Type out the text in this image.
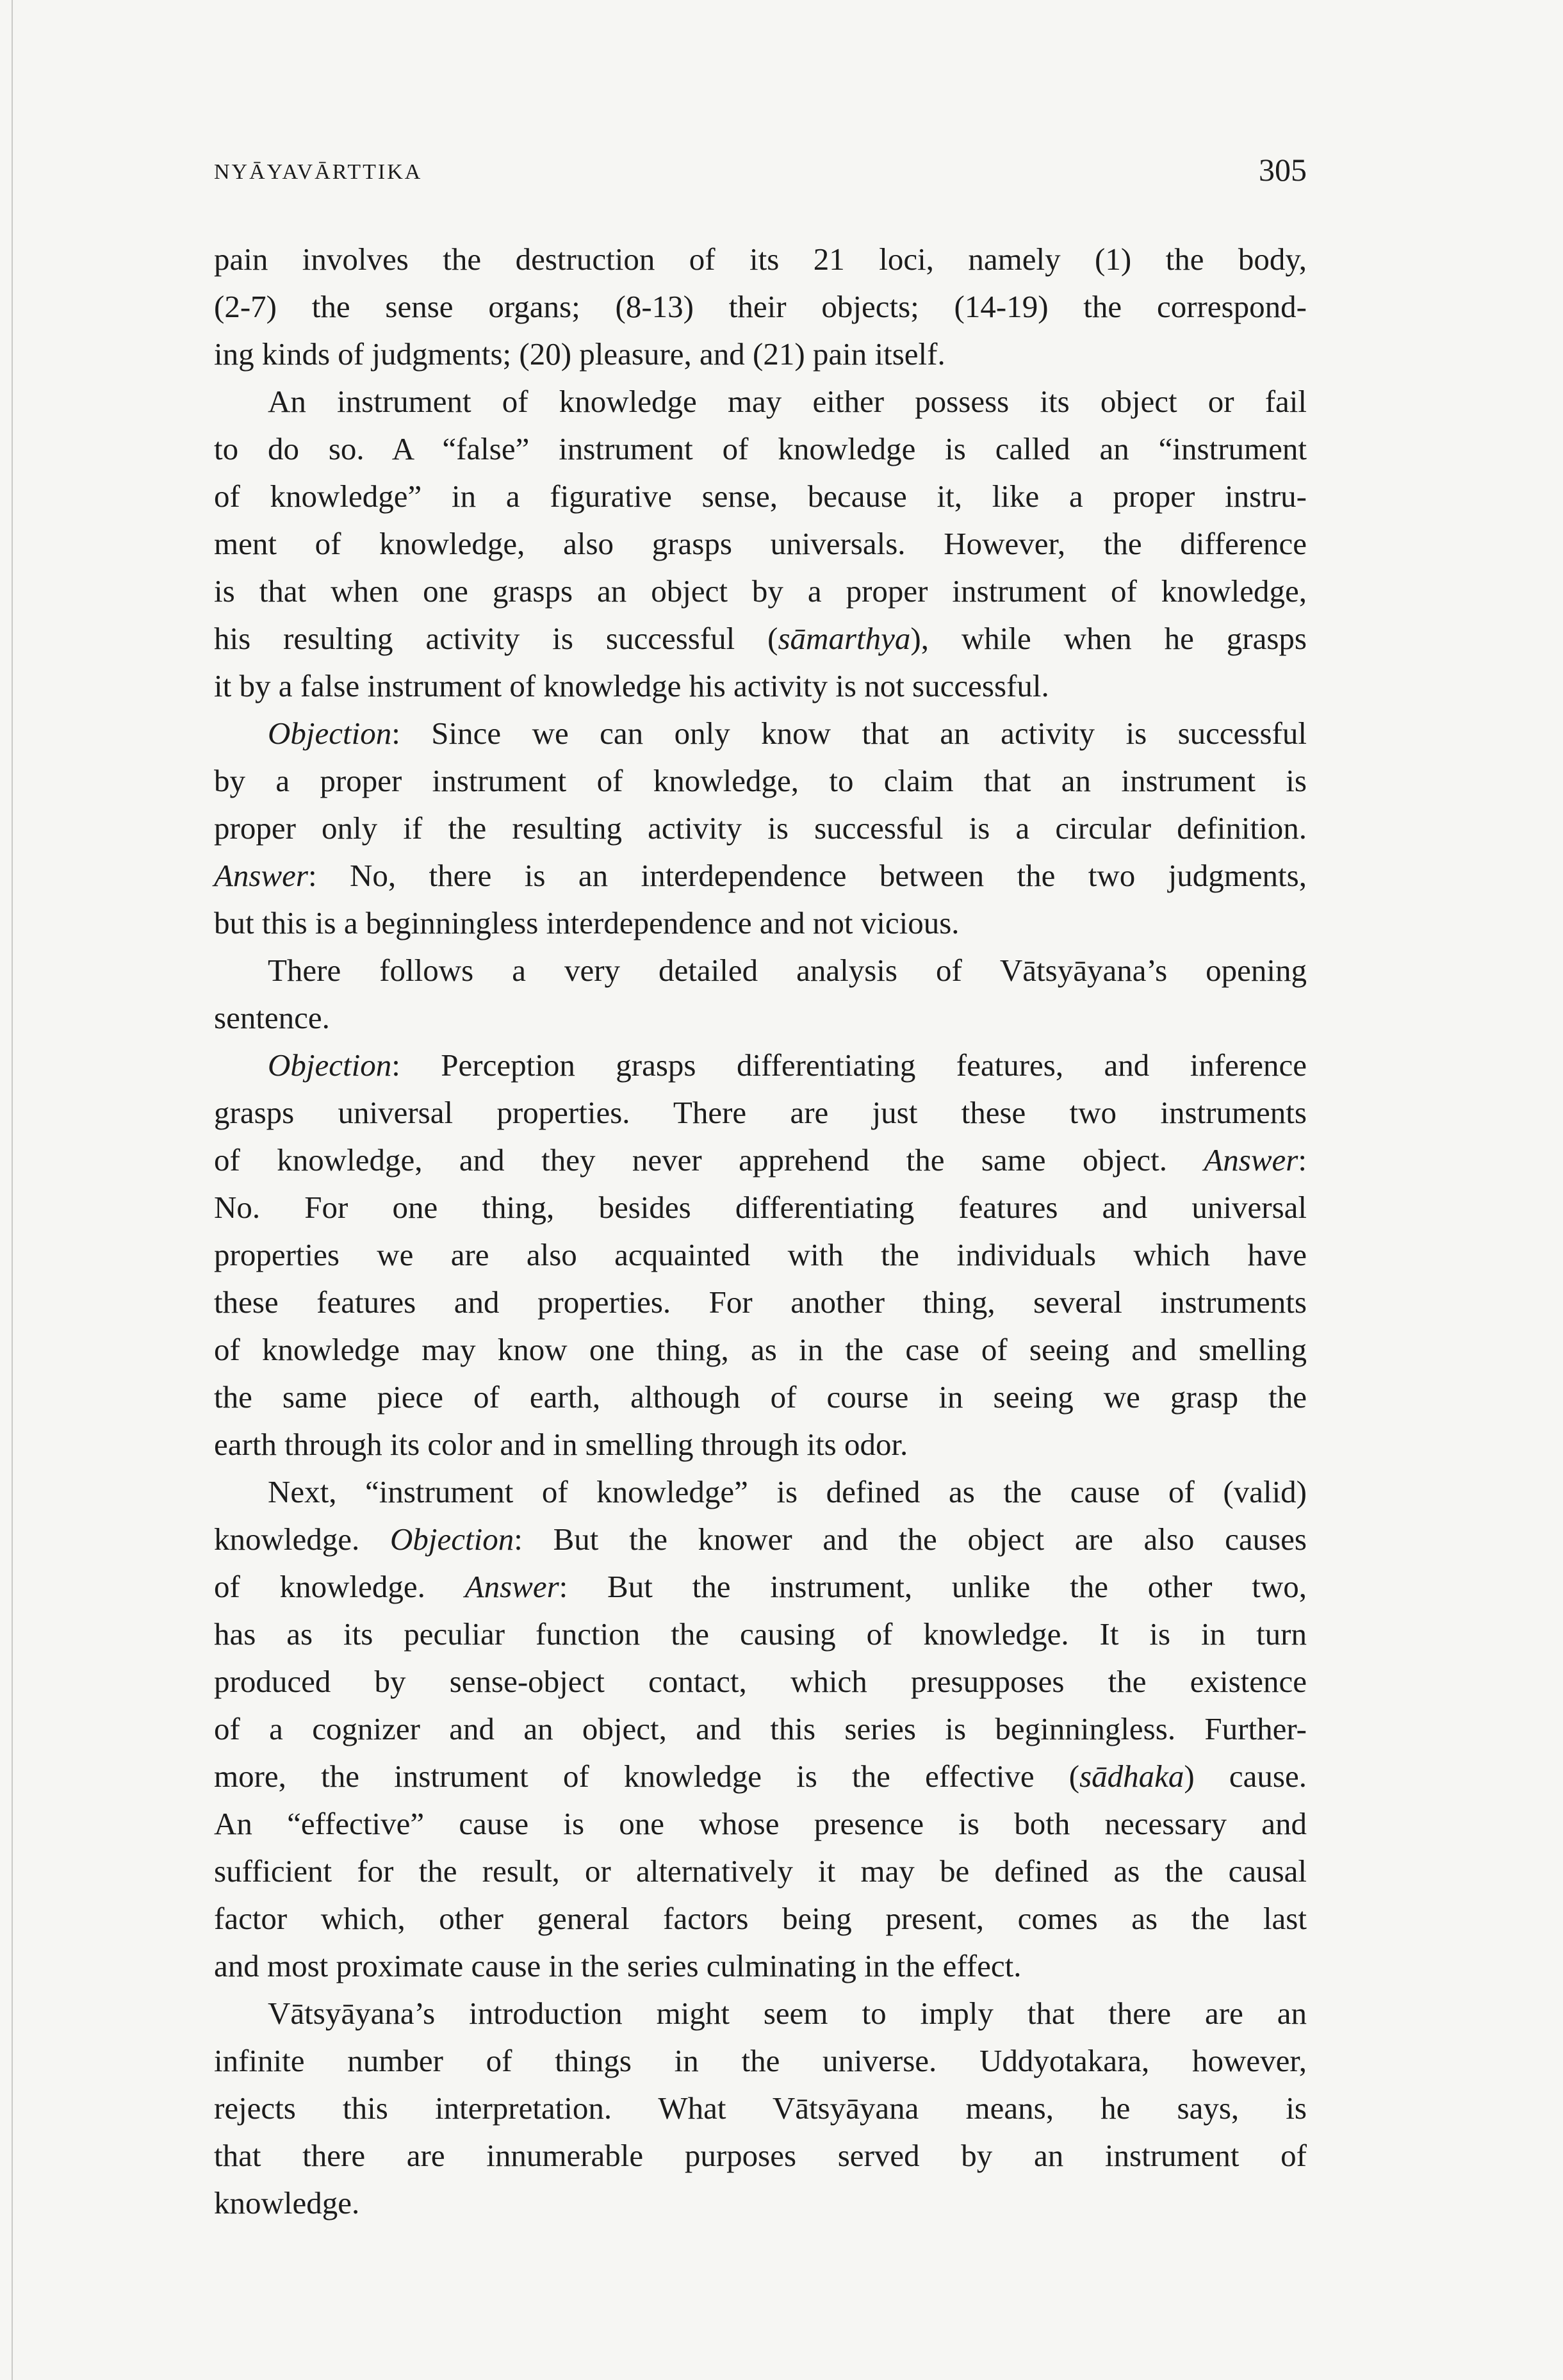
NYĀYAVĀRTTIKA	305
pain involves the destruction of its 21 loci, namely (1) the body,
(2-7) the sense organs; (8-13) their objects; (14-19) the correspond-
ing kinds of judgments; (20) pleasure, and (21) pain itself.
An instrument of knowledge may either possess its object or fail
to do so. A “false” instrument of knowledge is called an “instrument
of knowledge” in a figurative sense, because it, like a proper instru-
ment of knowledge, also grasps universals. However, the difference
is that when one grasps an object by a proper instrument of knowledge,
his resulting activity is successful (sāmarthya), while when he grasps
it by a false instrument of knowledge his activity is not successful.
Objection: Since we can only know that an activity is successful
by a proper instrument of knowledge, to claim that an instrument is
proper only if the resulting activity is successful is a circular definition.
Answer: No, there is an interdependence between the two judgments,
but this is a beginningless interdependence and not vicious.
There follows a very detailed analysis of Vātsyāyana’s opening
sentence.
Objection: Perception grasps differentiating features, and inference
grasps universal properties. There are just these two instruments
of knowledge, and they never apprehend the same object. Answer:
No. For one thing, besides differentiating features and universal
properties we are also acquainted with the individuals which have
these features and properties. For another thing, several instruments
of knowledge may know one thing, as in the case of seeing and smelling
the same piece of earth, although of course in seeing we grasp the
earth through its color and in smelling through its odor.
Next, “instrument of knowledge” is defined as the cause of (valid)
knowledge. Objection: But the knower and the object are also causes
of knowledge. Answer: But the instrument, unlike the other two,
has as its peculiar function the causing of knowledge. It is in turn
produced by sense-object contact, which presupposes the existence
of a cognizer and an object, and this series is beginningless. Further-
more, the instrument of knowledge is the effective (sādhaka) cause.
An “effective” cause is one whose presence is both necessary and
sufficient for the result, or alternatively it may be defined as the causal
factor which, other general factors being present, comes as the last
and most proximate cause in the series culminating in the effect.
Vātsyāyana’s introduction might seem to imply that there are an
infinite number of things in the universe. Uddyotakara, however,
rejects this interpretation. What Vātsyāyana means, he says, is
that there are innumerable purposes served by an instrument of
knowledge.
